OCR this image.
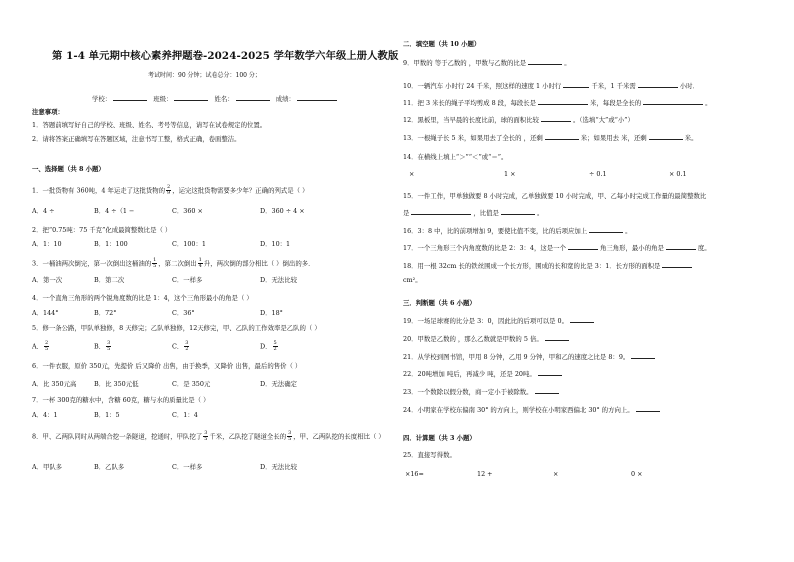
第 1-4 单元期中核心素养押题卷-2024-2025 学年数学六年级上册人教版
考试时间：90 分钟；试卷总分：100 分；
学校：	班级：	姓名：	成绩：
注意事项：
1．答题前填写好自己的学校、班级、姓名、考号等信息，请写在试卷规定的位置。
2．请将答案正确填写在答题区域，注意书写工整，格式正确，卷面整洁。
一、选择题（共 8 小题）
1．一批货物有 360吨，4 年运走了这批货物的 $\frac{2}{9}$ ，运完这批货物需要多少年？正确的列式是（ ）
A．4 ÷	B．4 ÷（1 −	C．360 ×	D．360 ÷ 4 ×
2．把“0.75吨：75 千克”化成最简整数比是（ ）
A．1：10	B．1：100	C．100：1	D．10：1
3．一桶油两次倒完，第一次倒出这桶油的 $\frac{1}{5}$ ，第二次倒出 $\frac{1}{4}$ 升，两次倒的部分相比（ ）倒出的多．
A．第一次	B．第二次	C．一样多	D．无法比较
4．一个直角三角形的两个锐角度数的比是 1：4，这个三角形最小的角是（ ）
A．144°	B．72°	C．36°	D．18°
5．修一条公路，甲队单独修，8 天修完；乙队单独修，12天修完，甲、乙队的工作效率是乙队的（ ）
A． $\frac{2}{5}$	B． $\frac{3}{5}$	C． $\frac{3}{2}$	D． $\frac{5}{2}$
6．一件衣服，原价 350元，先提价 后又降价 出售，由于换季，又降价 出售，最后的售价（ ）
A．比 350元高	B．比 350元低	C．是 350元	D．无法确定
7．一杯 300克的糖水中，含糖 60克，糖与水的质量比是（ ）
A．4：1	B．1：5	C．1：4
8．甲、乙两队同时从两端合挖一条隧道，挖通时，甲队挖了 $\frac{3}{5}$ 千米，乙队挖了隧道全长的 $\frac{3}{5}$ ，甲、乙两队挖的长度相比（ ）
A．甲队多	B．乙队多	C．一样多	D．无法比较
二．填空题（共 10 小题）
9．甲数的 等于乙数的 ，甲数与乙数的比是	。
10．一辆汽车 小时行 24 千米，照这样的速度 1 小时行	千米，1 千米需	小时．
11．把 3 米长的绳子平均剪成 8 段，每段长是	米，每段是全长的	。
12．黑板里，当早晨的长度比前，球的面积比较	。（选填“大”或“小”）
13．一根绳子长 5 米，如果用去了全长的 ，还剩	米；如果用去 米，还剩	米。
14．在横线上填上“＞”“＜”或“＝”。
×	1 ×	÷ 0.1	× 0.1
15．一件工作，甲单独做要 8 小时完成，乙单独做要 10 小时完成，甲、乙每小时完成工作量的最简整数比
是	，比值是	。
16．3：8 中，比的前项增加 9，要使比值不变，比的后项应加上	。
17．一个三角形三个内角度数的比是 2：3：4，这是一个	角三角形，最小的角是	度。
18．用一根 32cm 长的铁丝围成一个长方形，围成的长和宽的比是 3：1．长方形的面积是
cm²。
三．判断题（共 6 小题）
19．一场足球赛的比分是 3：0，因此比的后项可以是 0。
20．甲数是乙数的 ，那么乙数就是甲数的 5 倍。
21．从学校到图书馆，甲用 8 分钟，乙用 9 分钟，甲和乙的速度之比是 8：9。
22．20吨增加 吨后，再减少 吨，还是 20吨。
23．一个数除以假分数，商一定小于被除数。
24．小明家在学校东偏南 30° 的方向上，则学校在小明家西偏北 30° 的方向上。
四．计算题（共 3 小题）
25．直接写得数。
×16=	12 +	×	0 ×
